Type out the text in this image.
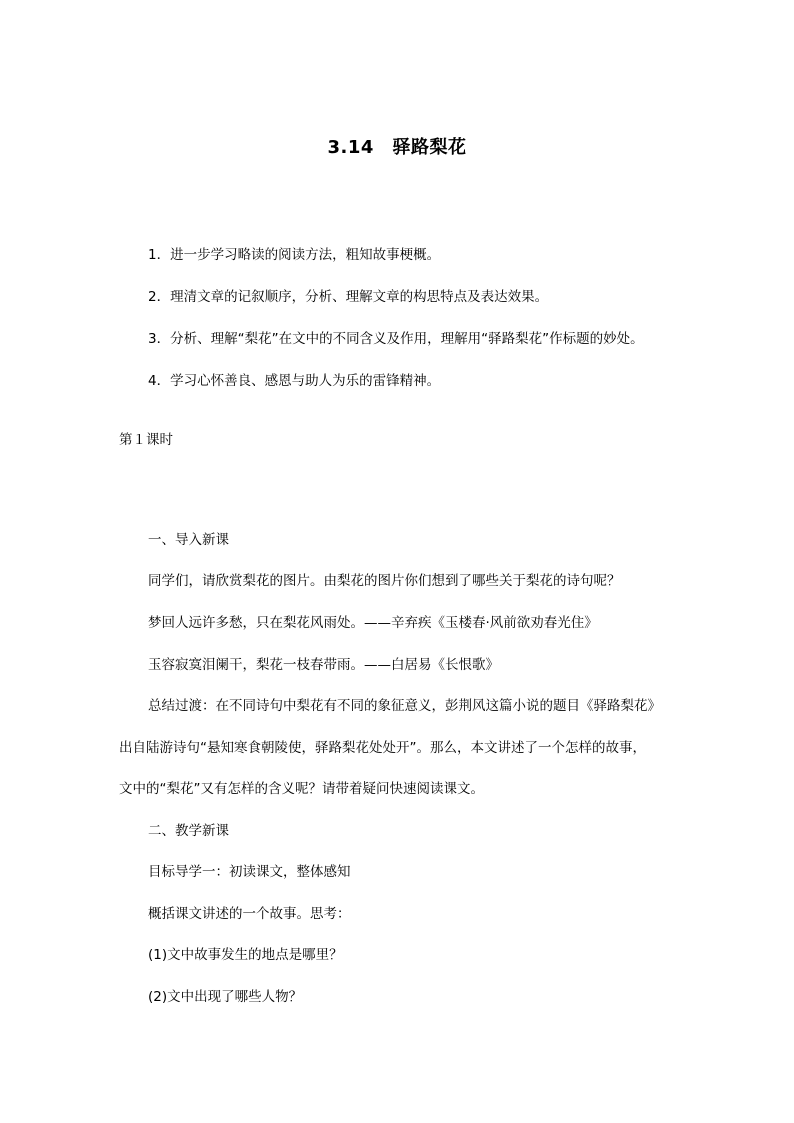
3.14　驿路梨花
1．进一步学习略读的阅读方法，粗知故事梗概。
2．理清文章的记叙顺序，分析、理解文章的构思特点及表达效果。
3．分析、理解“梨花”在文中的不同含义及作用，理解用“驿路梨花”作标题的妙处。
4．学习心怀善良、感恩与助人为乐的雷锋精神。
第１课时
一、导入新课
同学们，请欣赏梨花的图片。由梨花的图片你们想到了哪些关于梨花的诗句呢？
梦回人远许多愁，只在梨花风雨处。——辛弃疾《玉楼春·风前欲劝春光住》
玉容寂寞泪阑干，梨花一枝春带雨。——白居易《长恨歌》
总结过渡：在不同诗句中梨花有不同的象征意义，彭荆风这篇小说的题目《驿路梨花》
出自陆游诗句“悬知寒食朝陵使，驿路梨花处处开”。那么，本文讲述了一个怎样的故事，
文中的“梨花”又有怎样的含义呢？请带着疑问快速阅读课文。
二、教学新课
目标导学一：初读课文，整体感知
概括课文讲述的一个故事。思考：
(1)文中故事发生的地点是哪里？
(2)文中出现了哪些人物？
